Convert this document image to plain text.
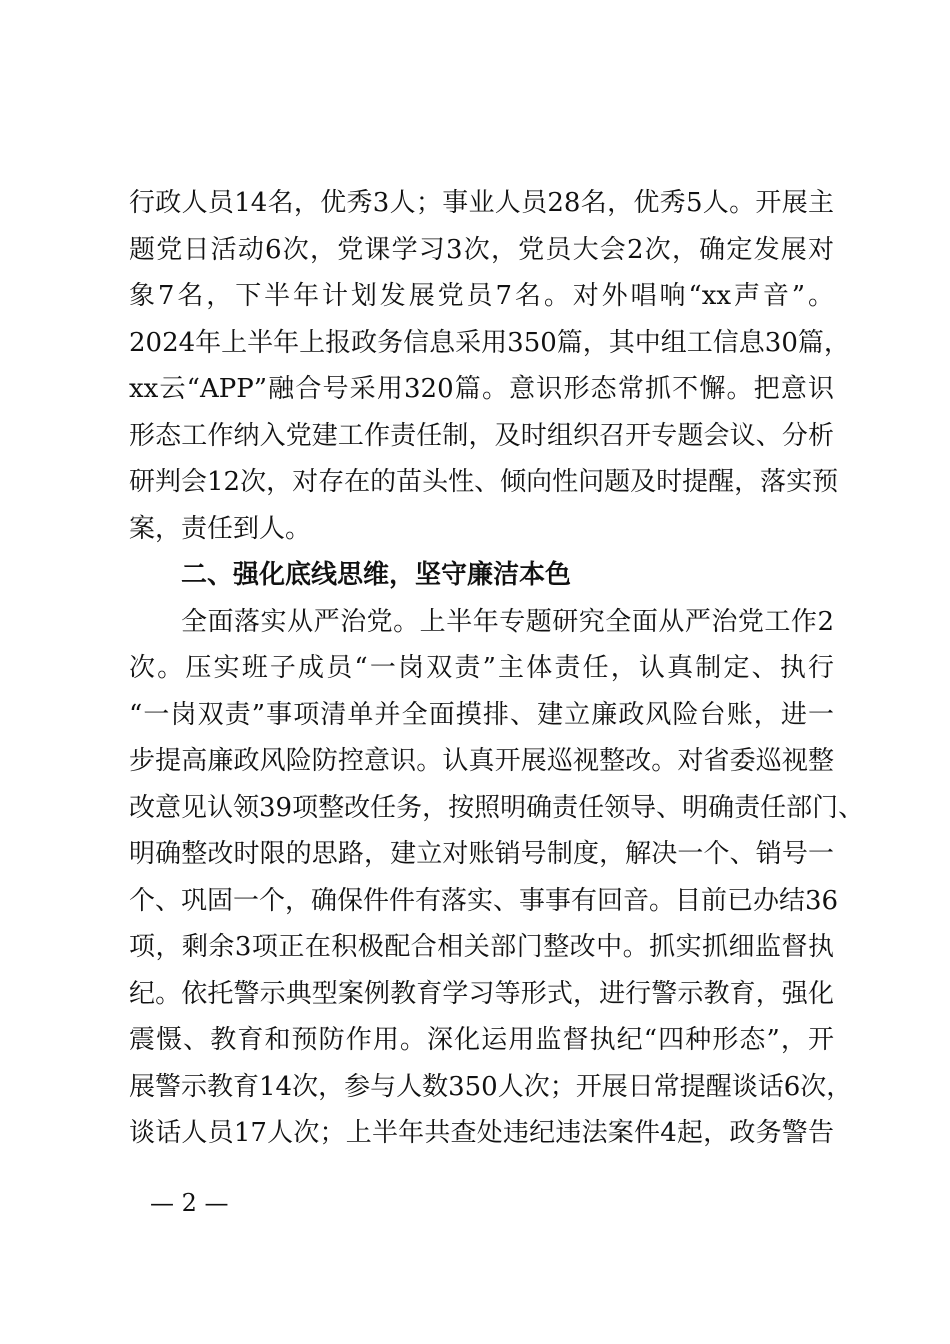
行政人员14名，优秀3人；事业人员28名，优秀5人。开展主
题党日活动6次，党课学习3次，党员大会2次，确定发展对
象7名，下半年计划发展党员7名。对外唱响“xx声音”。
2024年上半年上报政务信息采用350篇，其中组工信息30篇，
xx云“APP”融合号采用320篇。意识形态常抓不懈。把意识
形态工作纳入党建工作责任制，及时组织召开专题会议、分析
研判会12次，对存在的苗头性、倾向性问题及时提醒，落实预
案，责任到人。
二、强化底线思维，坚守廉洁本色
全面落实从严治党。上半年专题研究全面从严治党工作2
次。压实班子成员“一岗双责”主体责任，认真制定、执行
“一岗双责”事项清单并全面摸排、建立廉政风险台账，进一
步提高廉政风险防控意识。认真开展巡视整改。对省委巡视整
改意见认领39项整改任务，按照明确责任领导、明确责任部门、
明确整改时限的思路，建立对账销号制度，解决一个、销号一
个、巩固一个，确保件件有落实、事事有回音。目前已办结36
项，剩余3项正在积极配合相关部门整改中。抓实抓细监督执
纪。依托警示典型案例教育学习等形式，进行警示教育，强化
震慑、教育和预防作用。深化运用监督执纪“四种形态”，开
展警示教育14次，参与人数350人次；开展日常提醒谈话6次，
谈话人员17人次；上半年共查处违纪违法案件4起，政务警告
— 2 —
